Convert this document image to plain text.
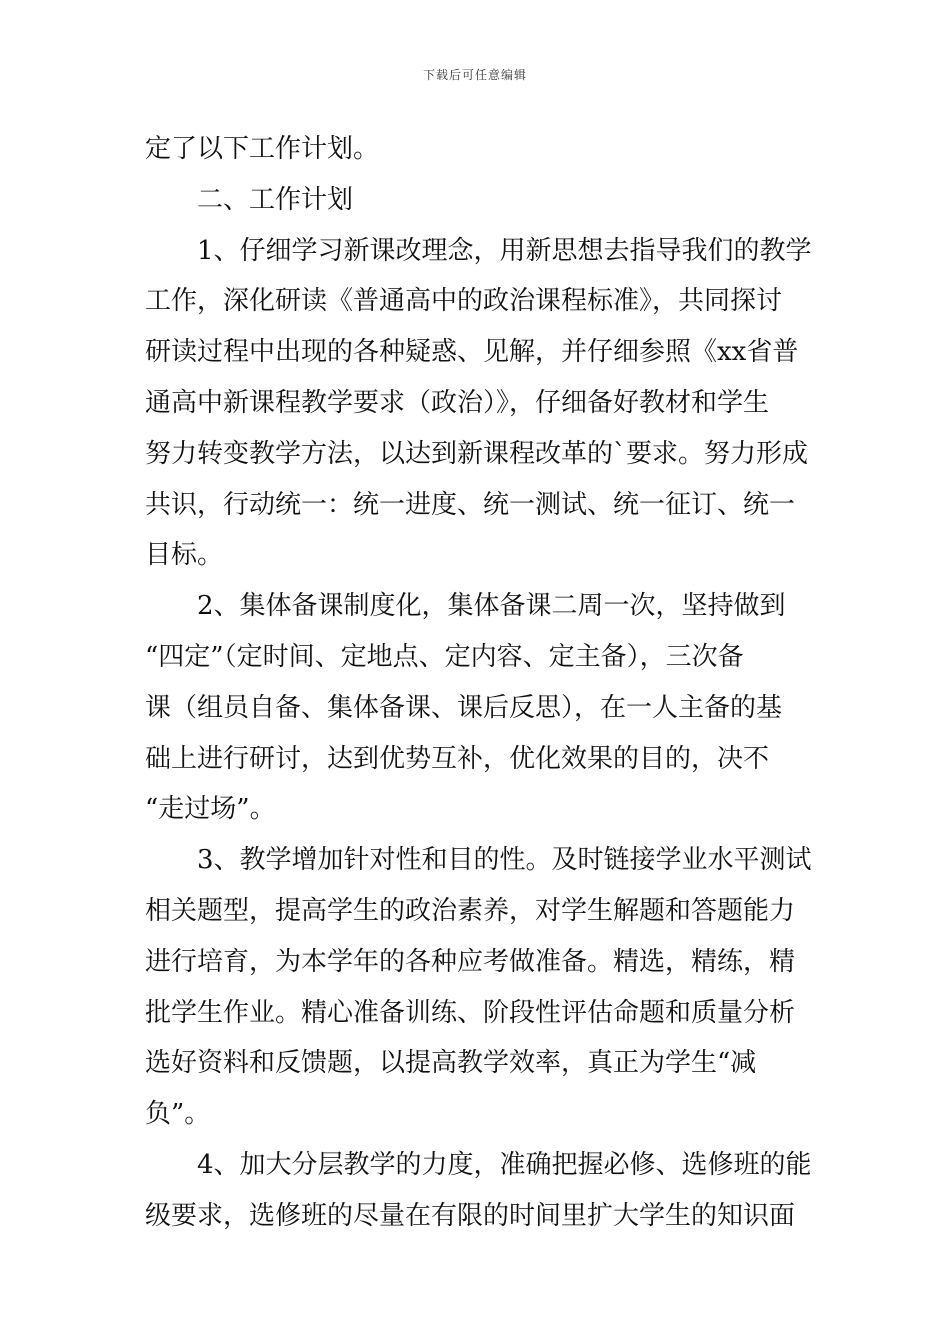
下载后可任意编辑
定了以下工作计划。
二、工作计划
1、仔细学习新课改理念，用新思想去指导我们的教学
工作，深化研读《普通高中的政治课程标准》，共同探讨
研读过程中出现的各种疑惑、见解，并仔细参照《xx省普
通高中新课程教学要求（政治）》，仔细备好教材和学生
努力转变教学方法，以达到新课程改革的`要求。努力形成
共识，行动统一：统一进度、统一测试、统一征订、统一
目标。
2、集体备课制度化，集体备课二周一次，坚持做到
“四定”（定时间、定地点、定内容、定主备），三次备
课（组员自备、集体备课、课后反思），在一人主备的基
础上进行研讨，达到优势互补，优化效果的目的，决不
“走过场”。
3、教学增加针对性和目的性。及时链接学业水平测试
相关题型，提高学生的政治素养，对学生解题和答题能力
进行培育，为本学年的各种应考做准备。精选，精练，精
批学生作业。精心准备训练、阶段性评估命题和质量分析
选好资料和反馈题，以提高教学效率，真正为学生“减
负”。
4、加大分层教学的力度，准确把握必修、选修班的能
级要求，选修班的尽量在有限的时间里扩大学生的知识面
